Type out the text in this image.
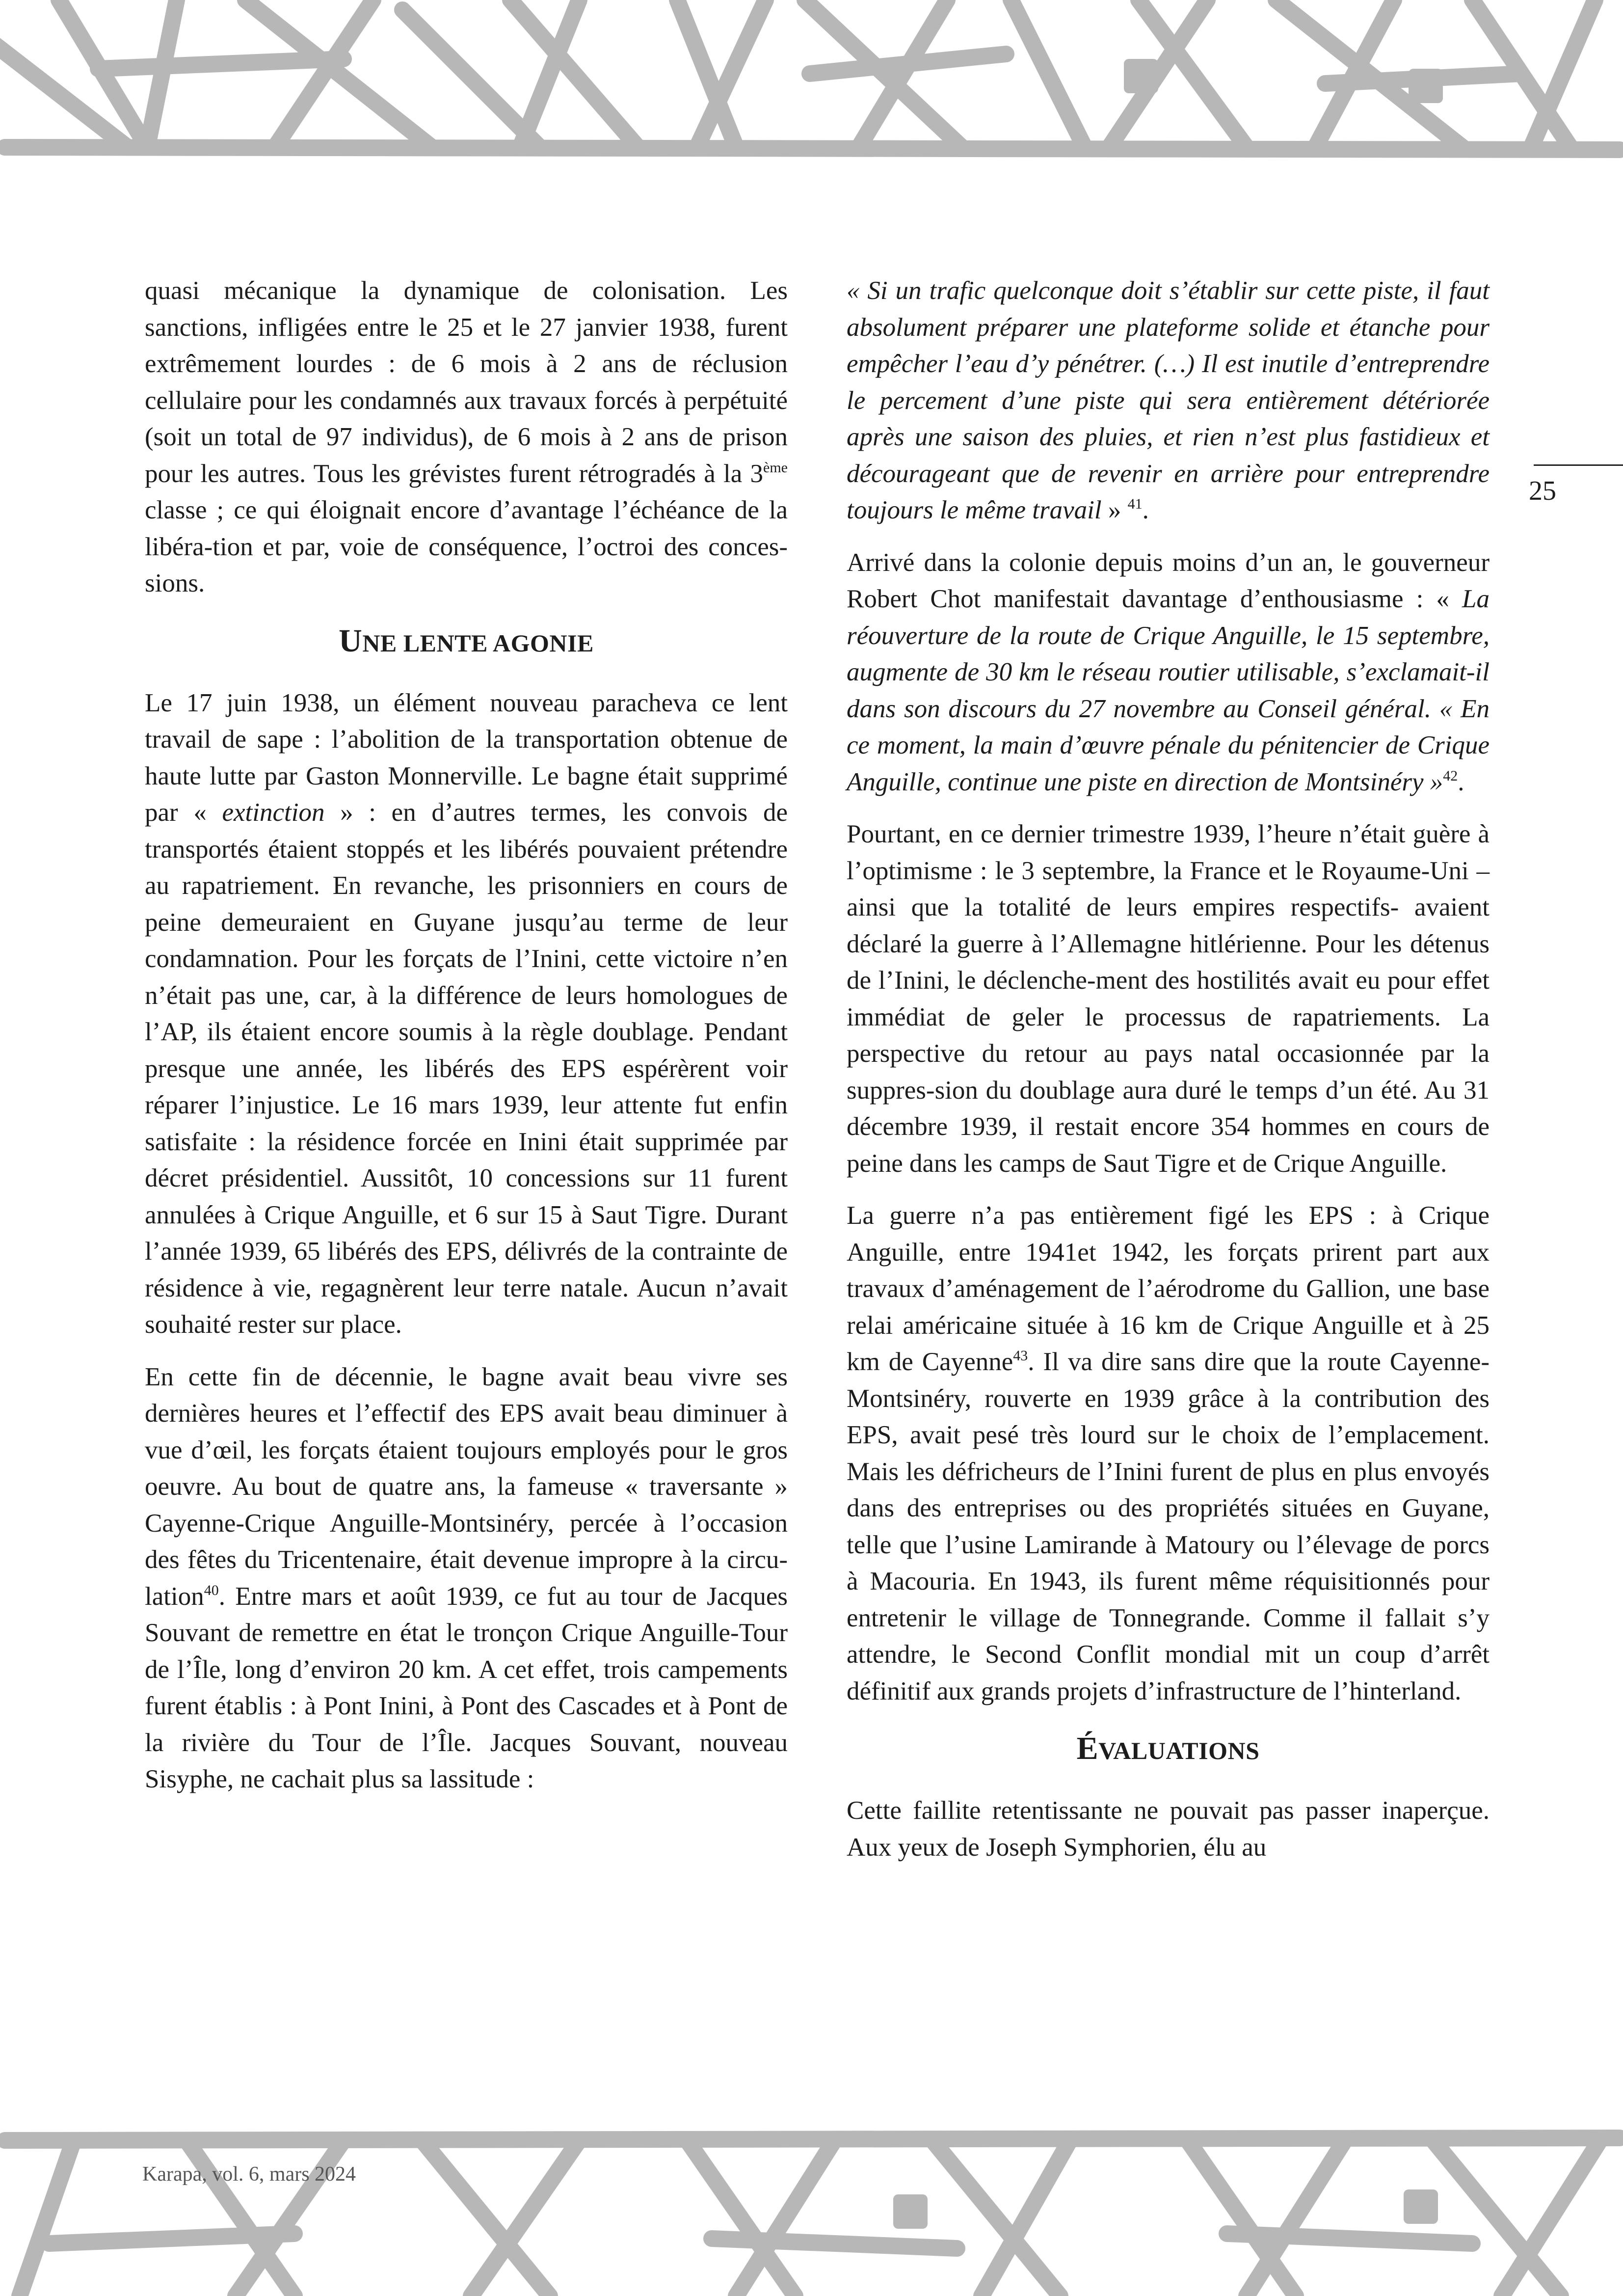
25

quasi mécanique la dynamique de colonisation. Les sanctions, infligées entre le 25 et le 27 janvier 1938, furent extrêmement lourdes : de 6 mois à 2 ans de réclusion cellulaire pour les condamnés aux travaux forcés à perpétuité (soit un total de 97 individus), de 6 mois à 2 ans de prison pour les autres. Tous les grévistes furent rétrogradés à la 3ème classe ; ce qui éloignait encore d’avantage l’échéance de la libéra-tion et par, voie de conséquence, l’octroi des conces-sions.

UNE LENTE AGONIE

Le 17 juin 1938, un élément nouveau paracheva ce lent travail de sape : l’abolition de la transportation obtenue de haute lutte par Gaston Monnerville. Le bagne était supprimé par « extinction » : en d’autres termes, les convois de transportés étaient stoppés et les libérés pouvaient prétendre au rapatriement. En revanche, les prisonniers en cours de peine demeuraient en Guyane jusqu’au terme de leur condamnation. Pour les forçats de l’Inini, cette victoire n’en n’était pas une, car, à la différence de leurs homologues de l’AP, ils étaient encore soumis à la règle doublage. Pendant presque une année, les libérés des EPS espérèrent voir réparer l’injustice. Le 16 mars 1939, leur attente fut enfin satisfaite : la résidence forcée en Inini était supprimée par décret présidentiel. Aussitôt, 10 concessions sur 11 furent annulées à Crique Anguille, et 6 sur 15 à Saut Tigre. Durant l’année 1939, 65 libérés des EPS, délivrés de la contrainte de résidence à vie, regagnèrent leur terre natale. Aucun n’avait souhaité rester sur place.

En cette fin de décennie, le bagne avait beau vivre ses dernières heures et l’effectif des EPS avait beau diminuer à vue d’œil, les forçats étaient toujours employés pour le gros oeuvre. Au bout de quatre ans, la fameuse « traversante » Cayenne-Crique Anguille-Montsinéry, percée à l’occasion des fêtes du Tricentenaire, était devenue impropre à la circu-lation$^{40}$. Entre mars et août 1939, ce fut au tour de Jacques Souvant de remettre en état le tronçon Crique Anguille-Tour de l’Île, long d’environ 20 km. A cet effet, trois campements furent établis : à Pont Inini, à Pont des Cascades et à Pont de la rivière du Tour de l’Île. Jacques Souvant, nouveau Sisyphe, ne cachait plus sa lassitude :

« Si un trafic quelconque doit s’établir sur cette piste, il faut absolument préparer une plateforme solide et étanche pour empêcher l’eau d’y pénétrer. (…) Il est inutile d’entreprendre le percement d’une piste qui sera entièrement détériorée après une saison des pluies, et rien n’est plus fastidieux et décourageant que de revenir en arrière pour entreprendre toujours le même travail » $^{41}$.

Arrivé dans la colonie depuis moins d’un an, le gouverneur Robert Chot manifestait davantage d’enthousiasme : « La réouverture de la route de Crique Anguille, le 15 septembre, augmente de 30 km le réseau routier utilisable, s’exclamait-il dans son discours du 27 novembre au Conseil général. « En ce moment, la main d’œuvre pénale du pénitencier de Crique Anguille, continue une piste en direction de Montsinéry »$^{42}$.

Pourtant, en ce dernier trimestre 1939, l’heure n’était guère à l’optimisme : le 3 septembre, la France et le Royaume-Uni – ainsi que la totalité de leurs empires respectifs- avaient déclaré la guerre à l’Allemagne hitlérienne. Pour les détenus de l’Inini, le déclenche-ment des hostilités avait eu pour effet immédiat de geler le processus de rapatriements. La perspective du retour au pays natal occasionnée par la suppres-sion du doublage aura duré le temps d’un été. Au 31 décembre 1939, il restait encore 354 hommes en cours de peine dans les camps de Saut Tigre et de Crique Anguille.

La guerre n’a pas entièrement figé les EPS : à Crique Anguille, entre 1941et 1942, les forçats prirent part aux travaux d’aménagement de l’aérodrome du Gallion, une base relai américaine située à 16 km de Crique Anguille et à 25 km de Cayenne$^{43}$. Il va dire sans dire que la route Cayenne-Montsinéry, rouverte en 1939 grâce à la contribution des EPS, avait pesé très lourd sur le choix de l’emplacement. Mais les défricheurs de l’Inini furent de plus en plus envoyés dans des entreprises ou des propriétés situées en Guyane, telle que l’usine Lamirande à Matoury ou l’élevage de porcs à Macouria. En 1943, ils furent même réquisitionnés pour entretenir le village de Tonnegrande. Comme il fallait s’y attendre, le Second Conflit mondial mit un coup d’arrêt définitif aux grands projets d’infrastructure de l’hinterland.

ÉVALUATIONS

Cette faillite retentissante ne pouvait pas passer inaperçue. Aux yeux de Joseph Symphorien, élu au

Karapa, vol. 6, mars 2024
